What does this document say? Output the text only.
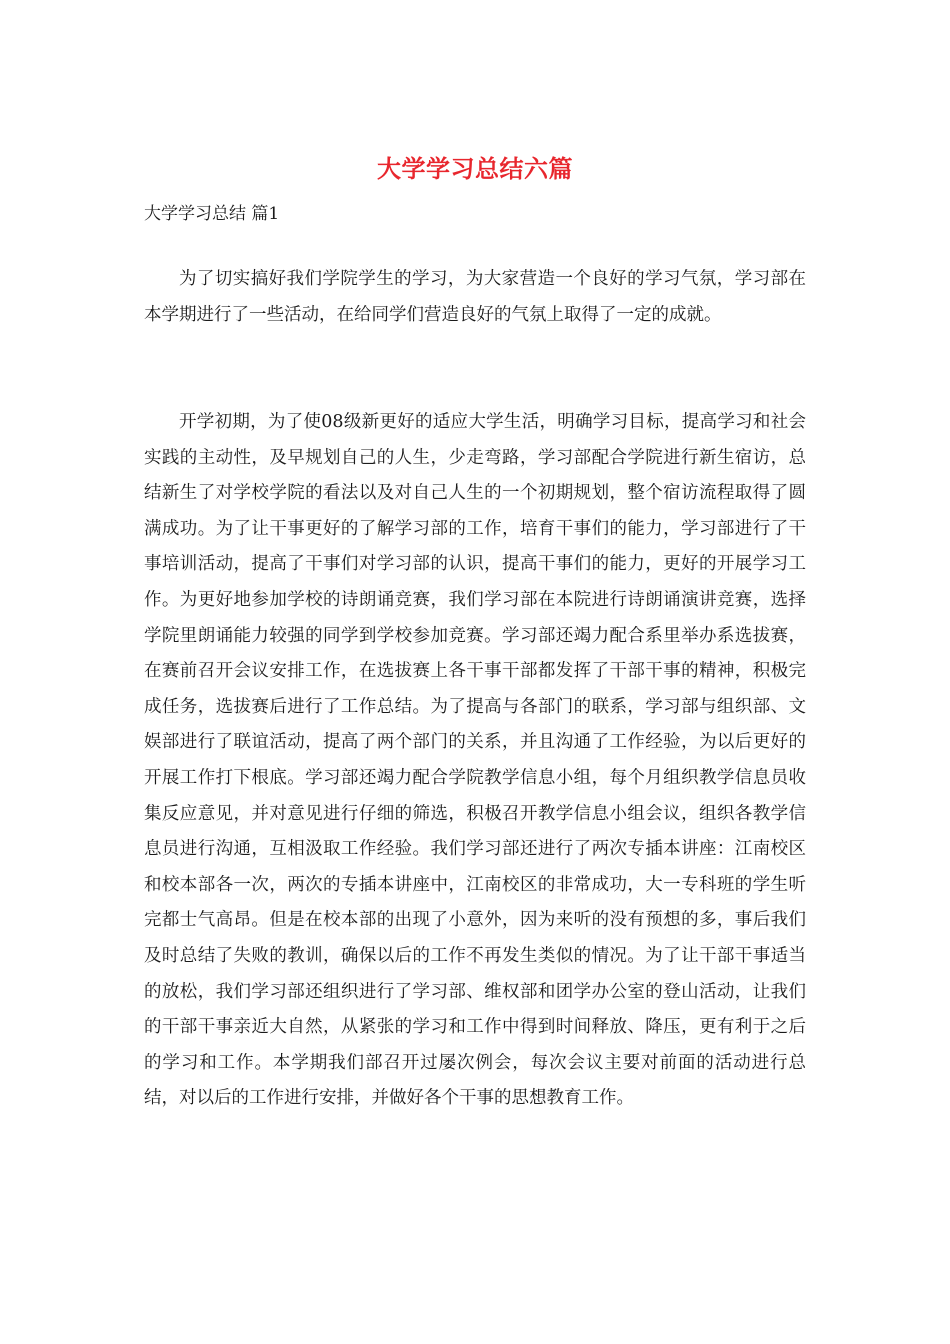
大学学习总结六篇
大学学习总结 篇1

为了切实搞好我们学院学生的学习，为大家营造一个良好的学习气氛，学习部在本学期进行了一些活动，在给同学们营造良好的气氛上取得了一定的成就。

开学初期，为了使08级新更好的适应大学生活，明确学习目标，提高学习和社会实践的主动性，及早规划自己的人生，少走弯路，学习部配合学院进行新生宿访，总结新生了对学校学院的看法以及对自己人生的一个初期规划，整个宿访流程取得了圆满成功。为了让干事更好的了解学习部的工作，培育干事们的能力，学习部进行了干事培训活动，提高了干事们对学习部的认识，提高干事们的能力，更好的开展学习工作。为更好地参加学校的诗朗诵竞赛，我们学习部在本院进行诗朗诵演讲竞赛，选择学院里朗诵能力较强的同学到学校参加竞赛。学习部还竭力配合系里举办系选拔赛，在赛前召开会议安排工作，在选拔赛上各干事干部都发挥了干部干事的精神，积极完成任务，选拔赛后进行了工作总结。为了提高与各部门的联系，学习部与组织部、文娱部进行了联谊活动，提高了两个部门的关系，并且沟通了工作经验，为以后更好的开展工作打下根底。学习部还竭力配合学院教学信息小组，每个月组织教学信息员收集反应意见，并对意见进行仔细的筛选，积极召开教学信息小组会议，组织各教学信息员进行沟通，互相汲取工作经验。我们学习部还进行了两次专插本讲座：江南校区和校本部各一次，两次的专插本讲座中，江南校区的非常成功，大一专科班的学生听完都士气高昂。但是在校本部的出现了小意外，因为来听的没有预想的多，事后我们及时总结了失败的教训，确保以后的工作不再发生类似的情况。为了让干部干事适当的放松，我们学习部还组织进行了学习部、维权部和团学办公室的登山活动，让我们的干部干事亲近大自然，从紧张的学习和工作中得到时间释放、降压，更有利于之后的学习和工作。本学期我们部召开过屡次例会，每次会议主要对前面的活动进行总结，对以后的工作进行安排，并做好各个干事的思想教育工作。
